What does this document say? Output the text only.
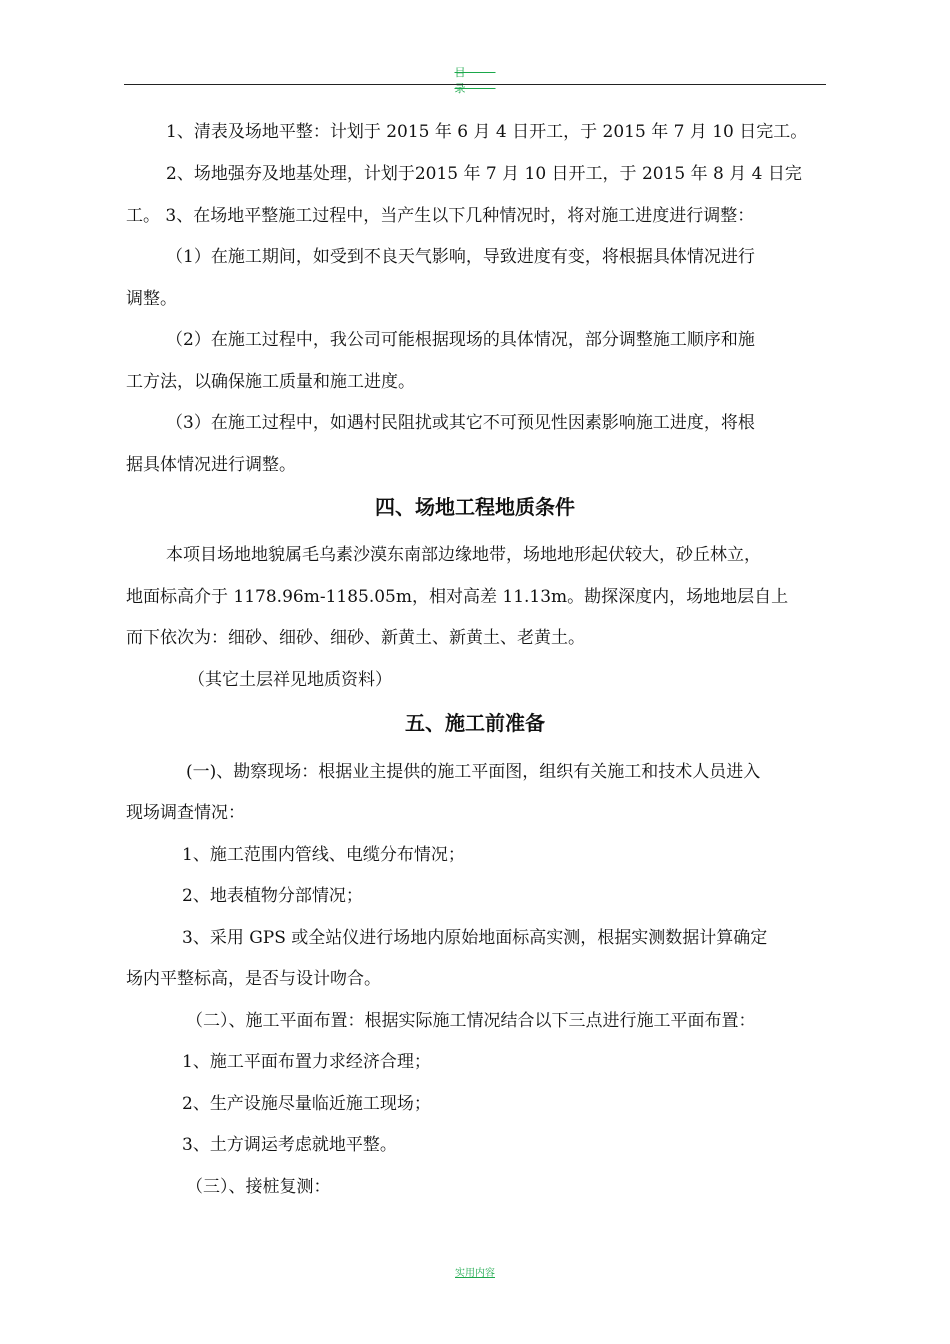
目 录
1、清表及场地平整：计划于 2015 年 6 月 4 日开工，于 2015 年 7 月 10 日完工。
2、场地强夯及地基处理，计划于2015 年 7 月 10 日开工，于 2015 年 8 月 4 日完
工。 3、在场地平整施工过程中，当产生以下几种情况时，将对施工进度进行调整：
（1）在施工期间，如受到不良天气影响，导致进度有变，将根据具体情况进行
调整。
（2）在施工过程中，我公司可能根据现场的具体情况，部分调整施工顺序和施
工方法，以确保施工质量和施工进度。
（3）在施工过程中，如遇村民阻扰或其它不可预见性因素影响施工进度，将根
据具体情况进行调整。
四、场地工程地质条件
本项目场地地貌属毛乌素沙漠东南部边缘地带，场地地形起伏较大，砂丘林立，
地面标高介于 1178.96m-1185.05m，相对高差 11.13m。勘探深度内，场地地层自上
而下依次为：细砂、细砂、细砂、新黄土、新黄土、老黄土。
（其它土层祥见地质资料）
五、施工前准备
(一)、勘察现场：根据业主提供的施工平面图，组织有关施工和技术人员进入
现场调查情况：
1、施工范围内管线、电缆分布情况；
2、地表植物分部情况；
3、采用 GPS 或全站仪进行场地内原始地面标高实测，根据实测数据计算确定
场内平整标高，是否与设计吻合。
（二）、施工平面布置：根据实际施工情况结合以下三点进行施工平面布置：
1、施工平面布置力求经济合理；
2、生产设施尽量临近施工现场；
3、土方调运考虑就地平整。
（三）、接桩复测：
实用内容
